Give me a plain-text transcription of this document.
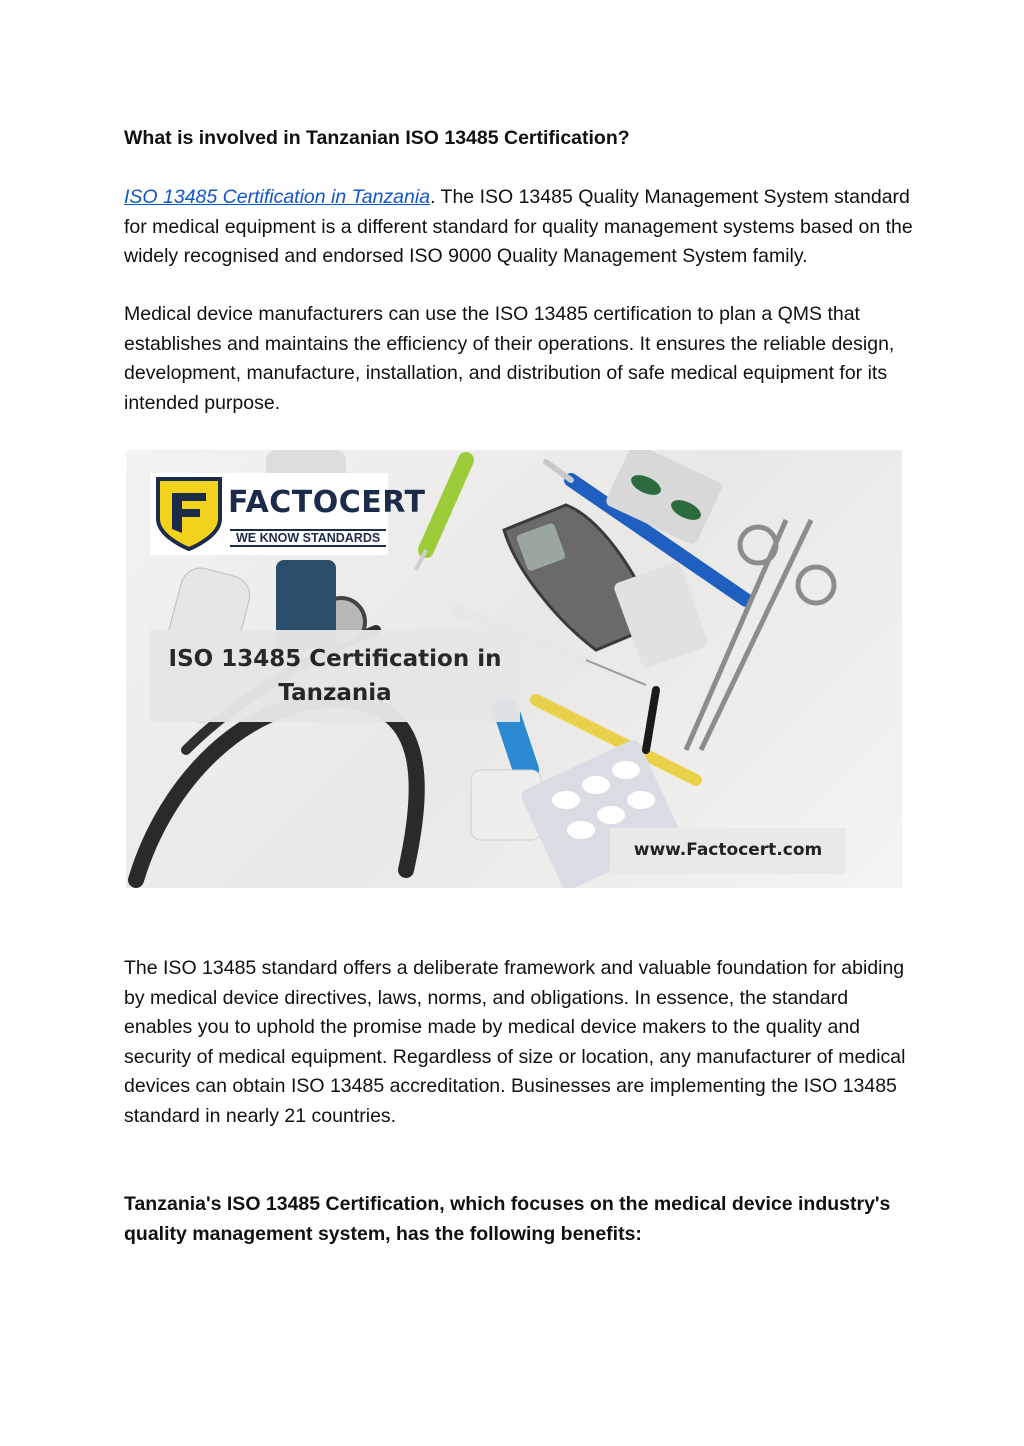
What is involved in Tanzanian ISO 13485 Certification?

ISO 13485 Certification in Tanzania. The ISO 13485 Quality Management System standard for medical equipment is a different standard for quality management systems based on the widely recognised and endorsed ISO 9000 Quality Management System family.

Medical device manufacturers can use the ISO 13485 certification to plan a QMS that establishes and maintains the efficiency of their operations. It ensures the reliable design, development, manufacture, installation, and distribution of safe medical equipment for its intended purpose.

FACTOCERT
WE KNOW STANDARDS
ISO 13485 Certification in Tanzania
www.Factocert.com

The ISO 13485 standard offers a deliberate framework and valuable foundation for abiding by medical device directives, laws, norms, and obligations. In essence, the standard enables you to uphold the promise made by medical device makers to the quality and security of medical equipment. Regardless of size or location, any manufacturer of medical devices can obtain ISO 13485 accreditation. Businesses are implementing the ISO 13485 standard in nearly 21 countries.

Tanzania's ISO 13485 Certification, which focuses on the medical device industry's quality management system, has the following benefits:
